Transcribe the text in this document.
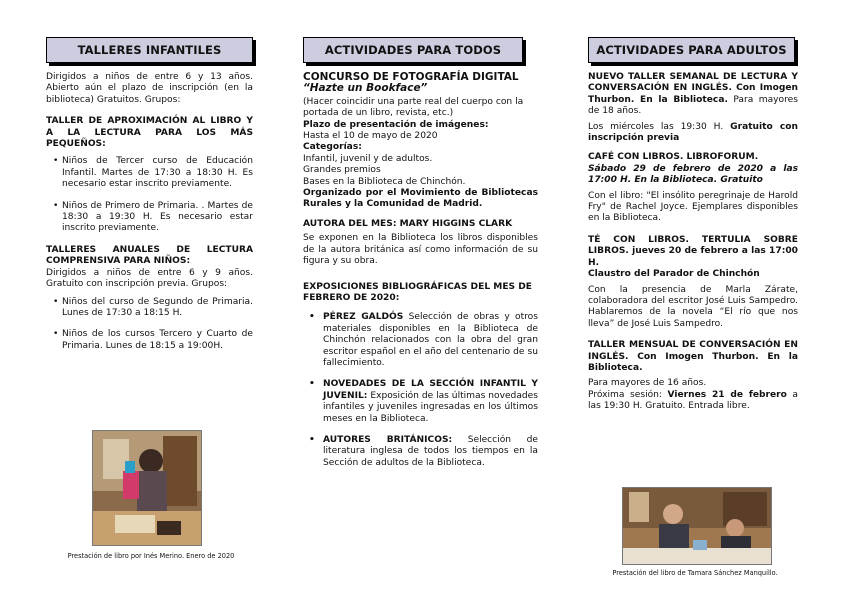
TALLERES INFANTILES

Dirigidos a niños de entre 6 y 13 años. Abierto aún el plazo de inscripción (en la biblioteca) Gratuitos. Grupos:

TALLER DE APROXIMACIÓN AL LIBRO Y A LA LECTURA PARA LOS MÁS PEQUEÑOS:

• Niños de Tercer curso de Educación Infantil. Martes de 17:30 a 18:30 H. Es necesario estar inscrito previamente.
• Niños de Primero de Primaria. . Martes de 18:30 a 19:30 H. Es necesario estar inscrito previamente.

TALLERES ANUALES DE LECTURA COMPRENSIVA PARA NIÑOS:

Dirigidos a niños de entre 6 y 9 años. Gratuito con inscripción previa. Grupos:

• Niños del curso de Segundo de Primaria. Lunes de 17:30 a 18:15 H.
• Niños de los cursos Tercero y Cuarto de Primaria. Lunes de 18:15 a 19:00H.
Prestación de libro por Inés Merino. Enero de 2020
ACTIVIDADES PARA TODOS

CONCURSO DE FOTOGRAFÍA DIGITAL

“Hazte un Bookface”

(Hacer coincidir una parte real del cuerpo con la portada de un libro, revista, etc.)

Plazo de presentación de imágenes:

Hasta el 10 de mayo de 2020

Categorías:

Infantil, juvenil y de adultos.

Grandes premios

Bases en la Biblioteca de Chinchón.

Organizado por el Movimiento de Bibliotecas Rurales y la Comunidad de Madrid.

AUTORA DEL MES: MARY HIGGINS CLARK

Se exponen en la Biblioteca los libros disponibles de la autora británica así como información de su figura y su obra.

EXPOSICIONES BIBLIOGRÁFICAS DEL MES DE FEBRERO DE 2020:

• PÉREZ GALDÓS Selección de obras y otros materiales disponibles en la Biblioteca de Chinchón relacionados con la obra del gran escritor español en el año del centenario de su fallecimiento.
• NOVEDADES DE LA SECCIÓN INFANTIL Y JUVENIL: Exposición de las últimas novedades infantiles y juveniles ingresadas en los últimos meses en la Biblioteca.
• AUTORES BRITÁNICOS: Selección de literatura inglesa de todos los tiempos en la Sección de adultos de la Biblioteca.
ACTIVIDADES PARA ADULTOS

NUEVO TALLER SEMANAL DE LECTURA Y CONVERSACIÓN EN INGLÉS. Con Imogen Thurbon. En la Biblioteca. Para mayores de 18 años.

Los miércoles las 19:30 H. Gratuito con inscripción previa

CAFÉ CON LIBROS. LIBROFORUM.

Sábado 29 de febrero de 2020 a las 17:00 H. En la Biblioteca. Gratuito

Con el libro: "El insólito peregrinaje de Harold Fry" de Rachel Joyce. Ejemplares disponibles en la Biblioteca.

TÉ CON LIBROS. TERTULIA SOBRE LIBROS. jueves 20 de febrero a las 17:00 H.

Claustro del Parador de Chinchón

Con la presencia de Marla Zárate, colaboradora del escritor José Luis Sampedro. Hablaremos de la novela “El río que nos lleva” de José Luis Sampedro.

TALLER MENSUAL DE CONVERSACIÓN EN INGLÉS. Con Imogen Thurbon. En la Biblioteca.

Para mayores de 16 años.

Próxima sesión: Viernes 21 de febrero a las 19:30 H. Gratuito. Entrada libre.

Prestación del libro de Tamara Sánchez Manquillo.
